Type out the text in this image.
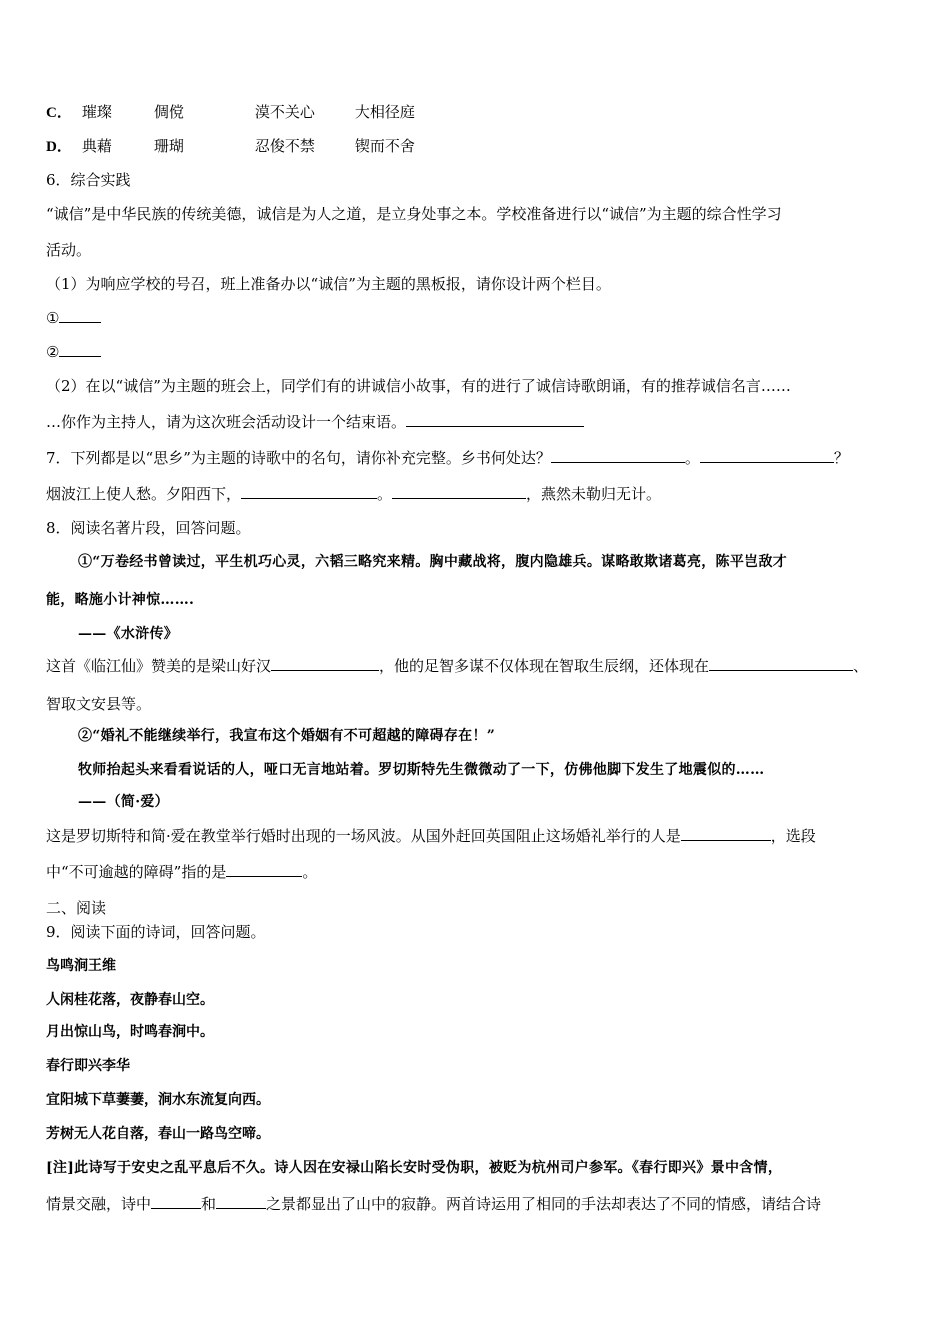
C． 璀璨	倜傥	漠不关心	大相径庭
D． 典藉	珊瑚	忍俊不禁	锲而不舍
6．综合实践
“诚信”是中华民族的传统美德，诚信是为人之道，是立身处事之本。学校准备进行以“诚信”为主题的综合性学习
活动。
（1）为响应学校的号召，班上准备办以“诚信”为主题的黑板报，请你设计两个栏目。
①
②
（2）在以“诚信”为主题的班会上，同学们有的讲诚信小故事，有的进行了诚信诗歌朗诵，有的推荐诚信名言……
…你作为主持人，请为这次班会活动设计一个结束语。
7．下列都是以“思乡”为主题的诗歌中的名句，请你补充完整。乡书何处达？	。	？
烟波江上使人愁。夕阳西下，	。	，燕然未勒归无计。
8．阅读名著片段，回答问题。
①“万卷经书曾读过，平生机巧心灵，六韬三略究来精。胸中藏战将，腹内隐雄兵。谋略敢欺诸葛亮，陈平岂敌才
能，略施小计神惊…….
——《水浒传》
这首《临江仙》赞美的是梁山好汉	，他的足智多谋不仅体现在智取生辰纲，还体现在	、
智取文安县等。
②“婚礼不能继续举行，我宣布这个婚姻有不可超越的障碍存在！”
牧师抬起头来看看说话的人，哑口无言地站着。罗切斯特先生微微动了一下，仿佛他脚下发生了地震似的……
——（简·爱）
这是罗切斯特和简·爱在教堂举行婚时出现的一场风波。从国外赶回英国阻止这场婚礼举行的人是	，选段
中“不可逾越的障碍”指的是	。
二、阅读
9．阅读下面的诗词，回答问题。
鸟鸣涧王维
人闲桂花落，夜静春山空。
月出惊山鸟，时鸣春涧中。
春行即兴李华
宜阳城下草萋萋，涧水东流复向西。
芳树无人花自落，春山一路鸟空啼。
[注]此诗写于安史之乱平息后不久。诗人因在安禄山陷长安时受伪职，被贬为杭州司户参军。《春行即兴》景中含情，
情景交融，诗中	和	之景都显出了山中的寂静。两首诗运用了相同的手法却表达了不同的情感，请结合诗
